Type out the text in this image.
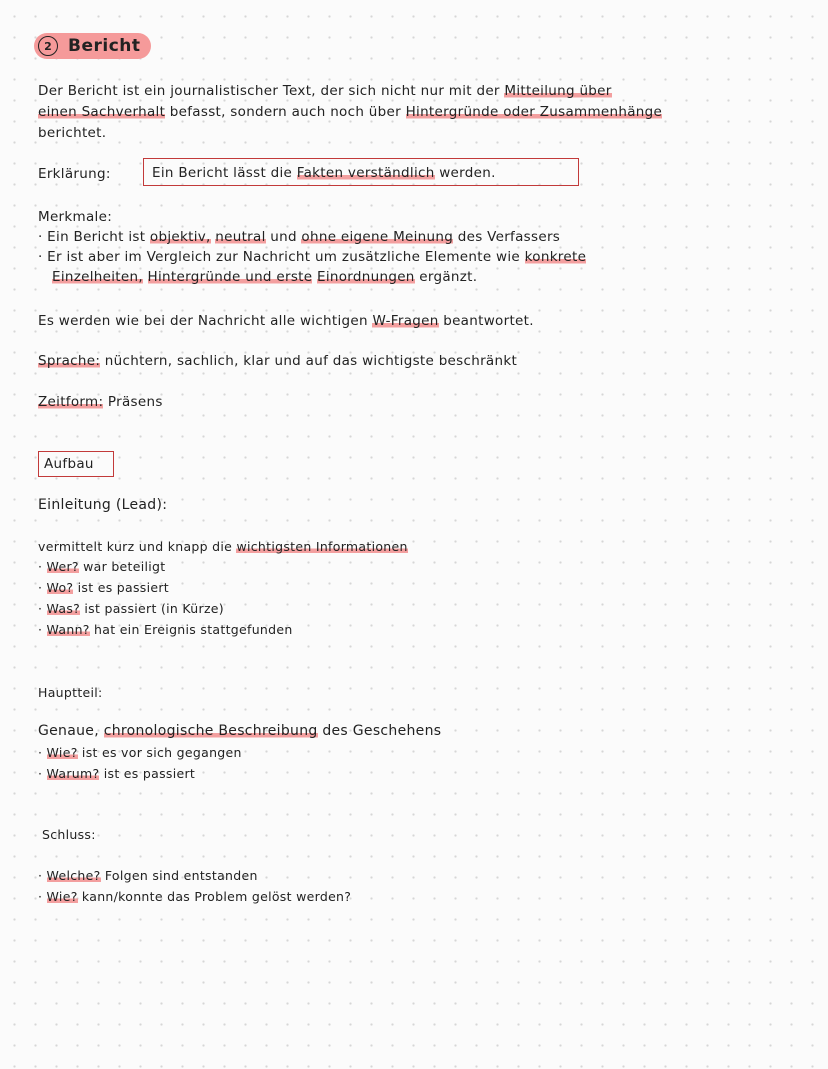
2 Bericht
Der Bericht ist ein journalistischer Text, der sich nicht nur mit der Mitteilung über
einen Sachverhalt befasst, sondern auch noch über Hintergründe oder Zusammenhänge
berichtet.
Erklärung:	Ein Bericht lässt die Fakten verständlich werden.
Merkmale:
· Ein Bericht ist objektiv, neutral und ohne eigene Meinung des Verfassers
· Er ist aber im Vergleich zur Nachricht um zusätzliche Elemente wie konkrete
Einzelheiten, Hintergründe und erste Einordnungen ergänzt.
Es werden wie bei der Nachricht alle wichtigen W-Fragen beantwortet.
Sprache: nüchtern, sachlich, klar und auf das wichtigste beschränkt
Zeitform: Präsens
Aufbau
Einleitung (Lead):
vermittelt kurz und knapp die wichtigsten Informationen
· Wer? war beteiligt
· Wo? ist es passiert
· Was? ist passiert (in Kürze)
· Wann? hat ein Ereignis stattgefunden
Hauptteil:
Genaue, chronologische Beschreibung des Geschehens
· Wie? ist es vor sich gegangen
· Warum? ist es passiert
Schluss:
· Welche? Folgen sind entstanden
· Wie? kann/konnte das Problem gelöst werden?
